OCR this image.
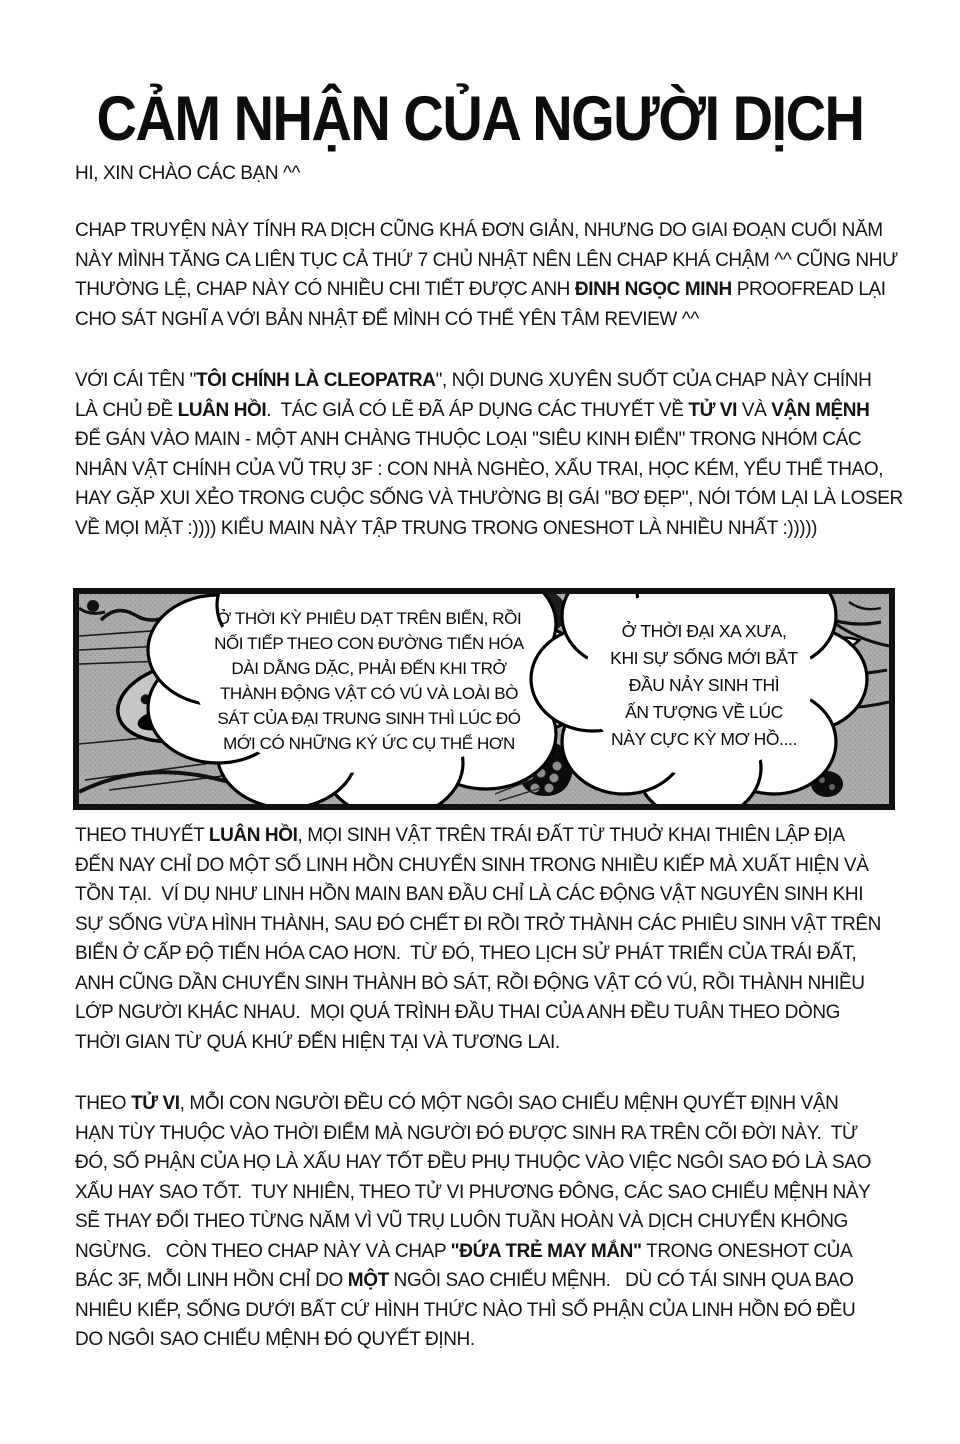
CẢM NHẬN CỦA NGƯỜI DỊCH
HI, XIN CHÀO CÁC BẠN ^^
CHAP TRUYỆN NÀY TÍNH RA DỊCH CŨNG KHÁ ĐƠN GIẢN, NHƯNG DO GIAI ĐOẠN CUỐI NĂM
NÀY MÌNH TĂNG CA LIÊN TỤC CẢ THỨ 7 CHỦ NHẬT NÊN LÊN CHAP KHÁ CHẬM ^^ CŨNG NHƯ
THƯỜNG LỆ, CHAP NÀY CÓ NHIỀU CHI TIẾT ĐƯỢC ANH ĐINH NGỌC MINH PROOFREAD LẠI
CHO SÁT NGHĨ A VỚI BẢN NHẬT ĐỂ MÌNH CÓ THỂ YÊN TÂM REVIEW ^^
VỚI CÁI TÊN "TÔI CHÍNH LÀ CLEOPATRA", NỘI DUNG XUYÊN SUỐT CỦA CHAP NÀY CHÍNH
LÀ CHỦ ĐỀ LUÂN HỒI.  TÁC GIẢ CÓ LẼ ĐÃ ÁP DỤNG CÁC THUYẾT VỀ TỬ VI VÀ VẬN MỆNH
ĐỂ GÁN VÀO MAIN - MỘT ANH CHÀNG THUỘC LOẠI "SIÊU KINH ĐIỂN" TRONG NHÓM CÁC
NHÂN VẬT CHÍNH CỦA VŨ TRỤ 3F : CON NHÀ NGHÈO, XẤU TRAI, HỌC KÉM, YẾU THỂ THAO,
HAY GẶP XUI XẺO TRONG CUỘC SỐNG VÀ THƯỜNG BỊ GÁI "BƠ ĐẸP", NÓI TÓM LẠI LÀ LOSER
VỀ MỌI MẶT :)))) KIỂU MAIN NÀY TẬP TRUNG TRONG ONESHOT LÀ NHIỀU NHẤT :)))))
Ở THỜI KỲ PHIÊU DẠT TRÊN BIỂN, RỒI
NỐI TIẾP THEO CON ĐƯỜNG TIẾN HÓA
DÀI DẰNG DẶC, PHẢI ĐẾN KHI TRỞ
THÀNH ĐỘNG VẬT CÓ VÚ VÀ LOÀI BÒ
SÁT CỦA ĐẠI TRUNG SINH THÌ LÚC ĐÓ
MỚI CÓ NHỮNG KÝ ỨC CỤ THỂ HƠN
Ở THỜI ĐẠI XA XƯA,
KHI SỰ SỐNG MỚI BẮT
ĐẦU NẢY SINH THÌ
ẤN TƯỢNG VỀ LÚC
NÀY CỰC KỲ MƠ HỒ....
THEO THUYẾT LUÂN HỒI, MỌI SINH VẬT TRÊN TRÁI ĐẤT TỪ THUỞ KHAI THIÊN LẬP ĐỊA
ĐẾN NAY CHỈ DO MỘT SỐ LINH HỒN CHUYỂN SINH TRONG NHIỀU KIẾP MÀ XUẤT HIỆN VÀ
TỒN TẠI.  VÍ DỤ NHƯ LINH HỒN MAIN BAN ĐẦU CHỈ LÀ CÁC ĐỘNG VẬT NGUYÊN SINH KHI
SỰ SỐNG VỪA HÌNH THÀNH, SAU ĐÓ CHẾT ĐI RỒI TRỞ THÀNH CÁC PHIÊU SINH VẬT TRÊN
BIỂN Ở CẤP ĐỘ TIẾN HÓA CAO HƠN.  TỪ ĐÓ, THEO LỊCH SỬ PHÁT TRIỂN CỦA TRÁI ĐẤT,
ANH CŨNG DẦN CHUYỂN SINH THÀNH BÒ SÁT, RỒI ĐỘNG VẬT CÓ VÚ, RỒI THÀNH NHIỀU
LỚP NGƯỜI KHÁC NHAU.  MỌI QUÁ TRÌNH ĐẦU THAI CỦA ANH ĐỀU TUÂN THEO DÒNG
THỜI GIAN TỪ QUÁ KHỨ ĐẾN HIỆN TẠI VÀ TƯƠNG LAI.
THEO TỬ VI, MỖI CON NGƯỜI ĐỀU CÓ MỘT NGÔI SAO CHIẾU MỆNH QUYẾT ĐỊNH VẬN
HẠN TÙY THUỘC VÀO THỜI ĐIỂM MÀ NGƯỜI ĐÓ ĐƯỢC SINH RA TRÊN CÕI ĐỜI NÀY.  TỪ
ĐÓ, SỐ PHẬN CỦA HỌ LÀ XẤU HAY TỐT ĐỀU PHỤ THUỘC VÀO VIỆC NGÔI SAO ĐÓ LÀ SAO
XẤU HAY SAO TỐT.  TUY NHIÊN, THEO TỬ VI PHƯƠNG ĐÔNG, CÁC SAO CHIẾU MỆNH NÀY
SẼ THAY ĐỔI THEO TỪNG NĂM VÌ VŨ TRỤ LUÔN TUẦN HOÀN VÀ DỊCH CHUYỂN KHÔNG
NGỪNG.   CÒN THEO CHAP NÀY VÀ CHAP "ĐỨA TRẺ MAY MẮN" TRONG ONESHOT CỦA
BÁC 3F, MỖI LINH HỒN CHỈ DO MỘT NGÔI SAO CHIẾU MỆNH.   DÙ CÓ TÁI SINH QUA BAO
NHIÊU KIẾP, SỐNG DƯỚI BẤT CỨ HÌNH THỨC NÀO THÌ SỐ PHẬN CỦA LINH HỒN ĐÓ ĐỀU
DO NGÔI SAO CHIẾU MỆNH ĐÓ QUYẾT ĐỊNH.
